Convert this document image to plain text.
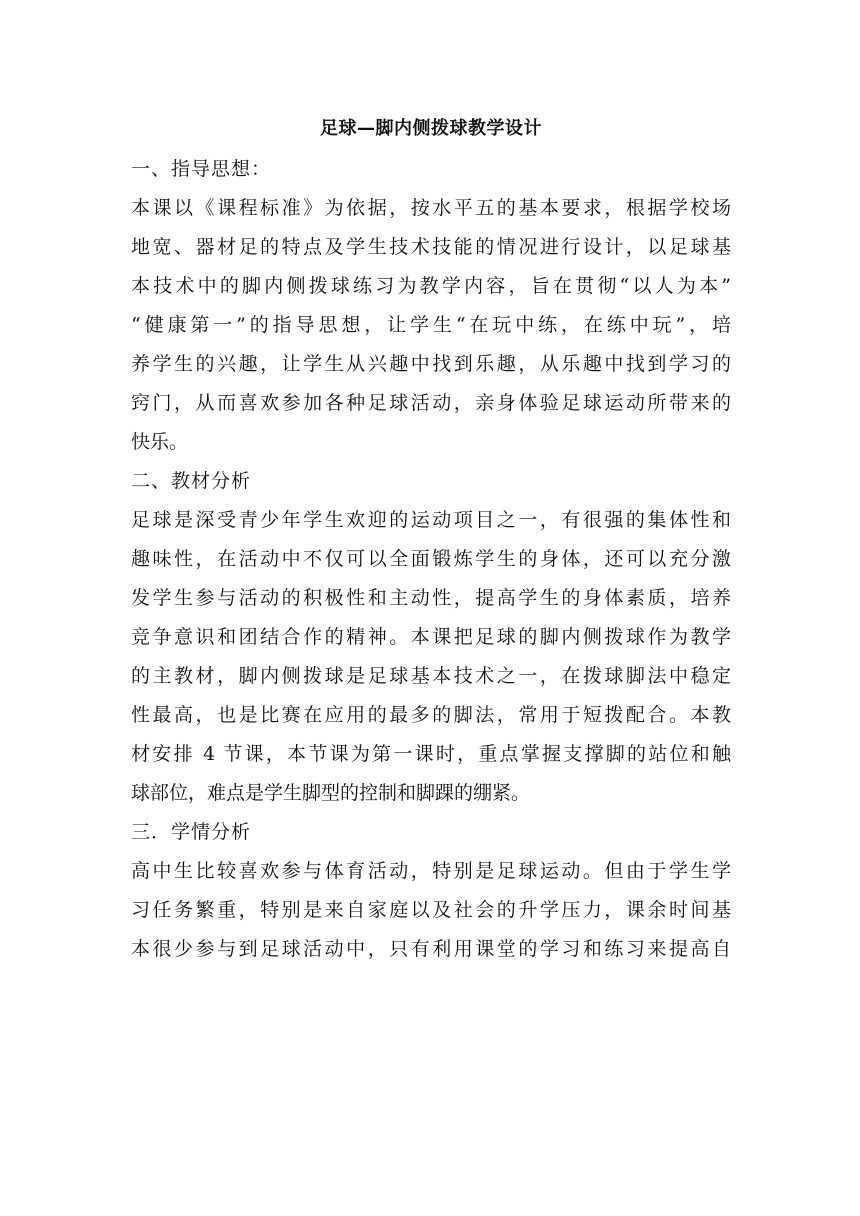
足球—脚内侧拨球教学设计
一、指导思想：
本课以《课程标准》为依据，按水平五的基本要求，根据学校场
地宽、器材足的特点及学生技术技能的情况进行设计，以足球基
本技术中的脚内侧拨球练习为教学内容，旨在贯彻“以人为本”
“健康第一”的指导思想，让学生“在玩中练，在练中玩”，培
养学生的兴趣，让学生从兴趣中找到乐趣，从乐趣中找到学习的
窍门，从而喜欢参加各种足球活动，亲身体验足球运动所带来的
快乐。
二、教材分析
足球是深受青少年学生欢迎的运动项目之一，有很强的集体性和
趣味性，在活动中不仅可以全面锻炼学生的身体，还可以充分激
发学生参与活动的积极性和主动性，提高学生的身体素质，培养
竞争意识和团结合作的精神。本课把足球的脚内侧拨球作为教学
的主教材，脚内侧拨球是足球基本技术之一，在拨球脚法中稳定
性最高，也是比赛在应用的最多的脚法，常用于短拨配合。本教
材安排 4 节课，本节课为第一课时，重点掌握支撑脚的站位和触
球部位，难点是学生脚型的控制和脚踝的绷紧。
三．学情分析
高中生比较喜欢参与体育活动，特别是足球运动。但由于学生学
习任务繁重，特别是来自家庭以及社会的升学压力，课余时间基
本很少参与到足球活动中，只有利用课堂的学习和练习来提高自
